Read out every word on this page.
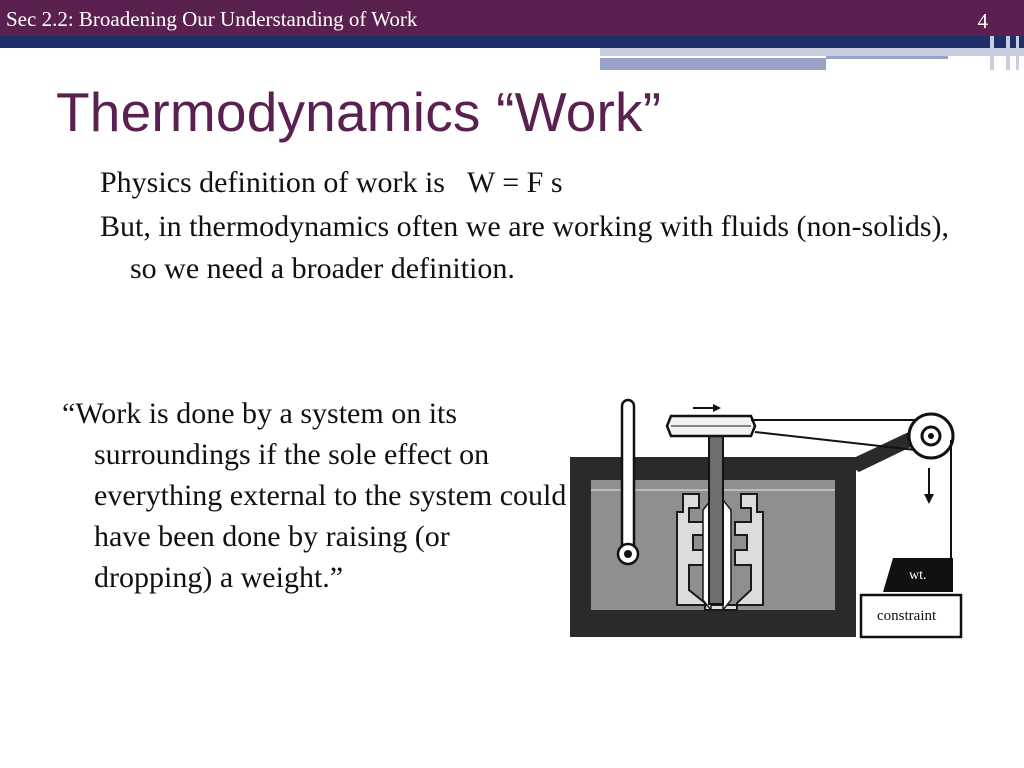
Sec 2.2: Broadening Our Understanding of Work	4
Thermodynamics “Work”

Physics definition of work is   W = F s

But, in thermodynamics often we are working with fluids (non-solids), so we need a broader definition.

“Work is done by a system on its surroundings if the sole effect on everything external to the system could have been done by raising (or dropping) a weight.”	wt.
constraint
